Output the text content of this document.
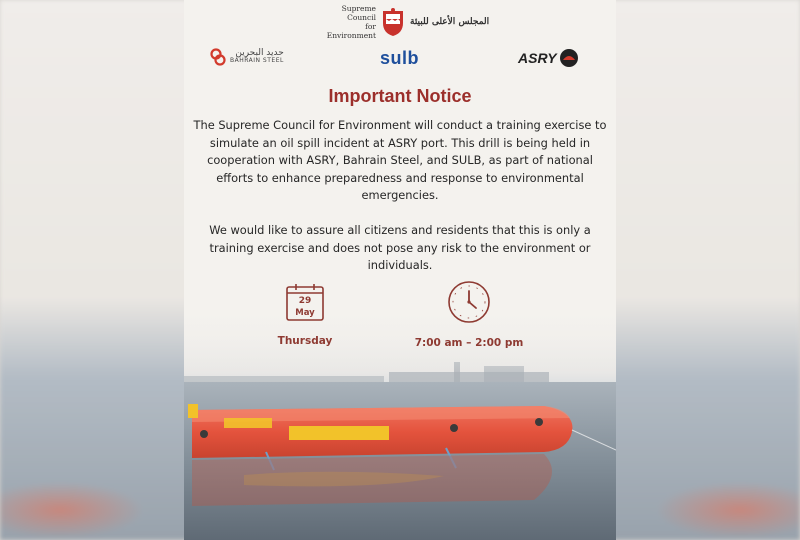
Supreme Council
for Environment
المجلس الأعلى للبيئة
حديد البحرين
BAHRAIN STEEL	sulb	ASRY
Important Notice

The Supreme Council for Environment will conduct a training exercise to simulate an oil spill incident at ASRY port. This drill is being held in cooperation with ASRY, Bahrain Steel, and SULB, as part of national efforts to enhance preparedness and response to environmental emergencies.

We would like to assure all citizens and residents that this is only a training exercise and does not pose any risk to the environment or individuals.

29
May
Thursday	7:00 am – 2:00 pm
